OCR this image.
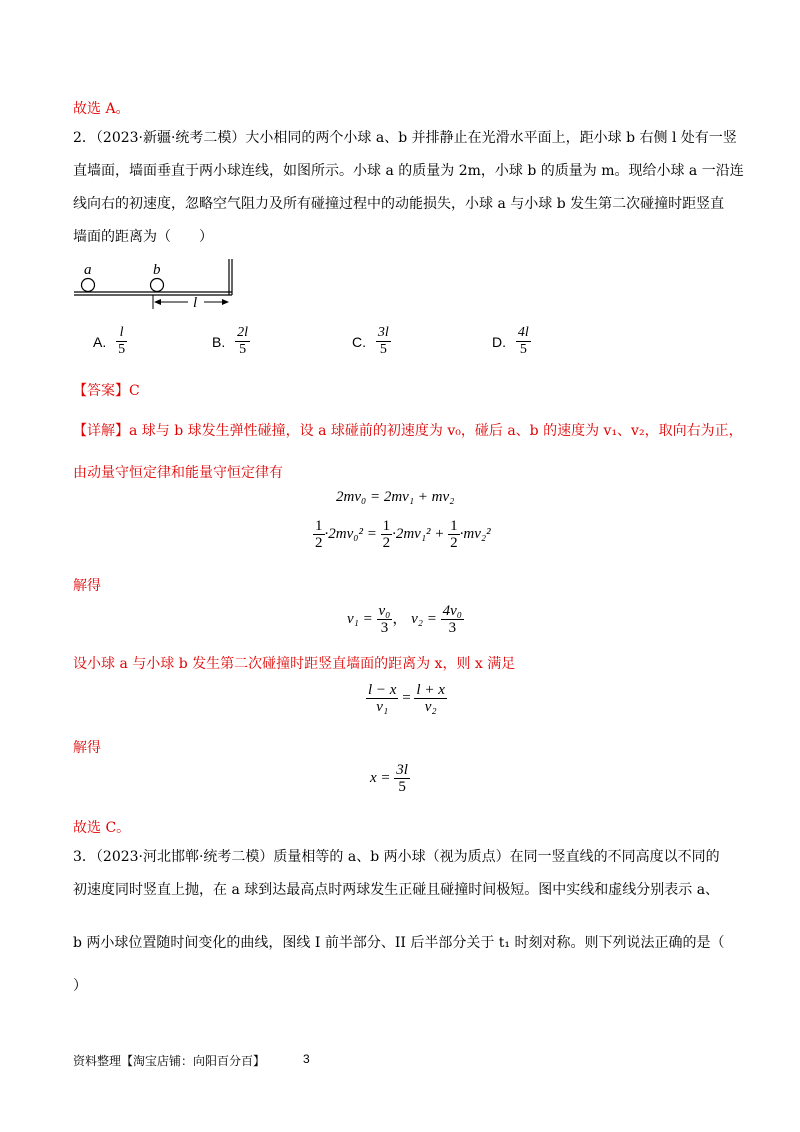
故选 A。
2．（2023·新疆·统考二模）大小相同的两个小球 a、b 并排静止在光滑水平面上，距小球 b 右侧 l 处有一竖
直墙面，墙面垂直于两小球连线，如图所示。小球 a 的质量为 2m，小球 b 的质量为 m。现给小球 a 一沿连
线向右的初速度，忽略空气阻力及所有碰撞过程中的动能损失，小球 a 与小球 b 发生第二次碰撞时距竖直
墙面的距离为（　　）
a	b
l
A. $\frac{l}{5}$	B. $\frac{2l}{5}$	C. $\frac{3l}{5}$	D. $\frac{4l}{5}$
【答案】C
【详解】a 球与 b 球发生弹性碰撞，设 a 球碰前的初速度为 v₀，碰后 a、b 的速度为 v₁、v₂，取向右为正，
由动量守恒定律和能量守恒定律有
2mv₀ = 2mv₁ + mv₂
$\frac{1}{2} \cdot 2mv_0^2 = \frac{1}{2} \cdot 2mv_1^2 + \frac{1}{2} \cdot mv_2^2$
解得
$v_1 = \frac{\text{v₀}}{3}$ ， $v_2 = \frac{\text{4v₀}}{3}$
设小球 a 与小球 b 发生第二次碰撞时距竖直墙面的距离为 x，则 x 满足
$\frac{l - x}{\text{v₁}} = \frac{l + x}{\text{v₂}}$
解得
$x = \frac{3l}{5}$
故选 C。
3．（2023·河北邯郸·统考二模）质量相等的 a、b 两小球（视为质点）在同一竖直线的不同高度以不同的
初速度同时竖直上抛，在 a 球到达最高点时两球发生正碰且碰撞时间极短。图中实线和虚线分别表示 a、
b 两小球位置随时间变化的曲线，图线 I 前半部分、II 后半部分关于 t₁ 时刻对称。则下列说法正确的是（
）
资料整理【淘宝店铺：向阳百分百】	3
